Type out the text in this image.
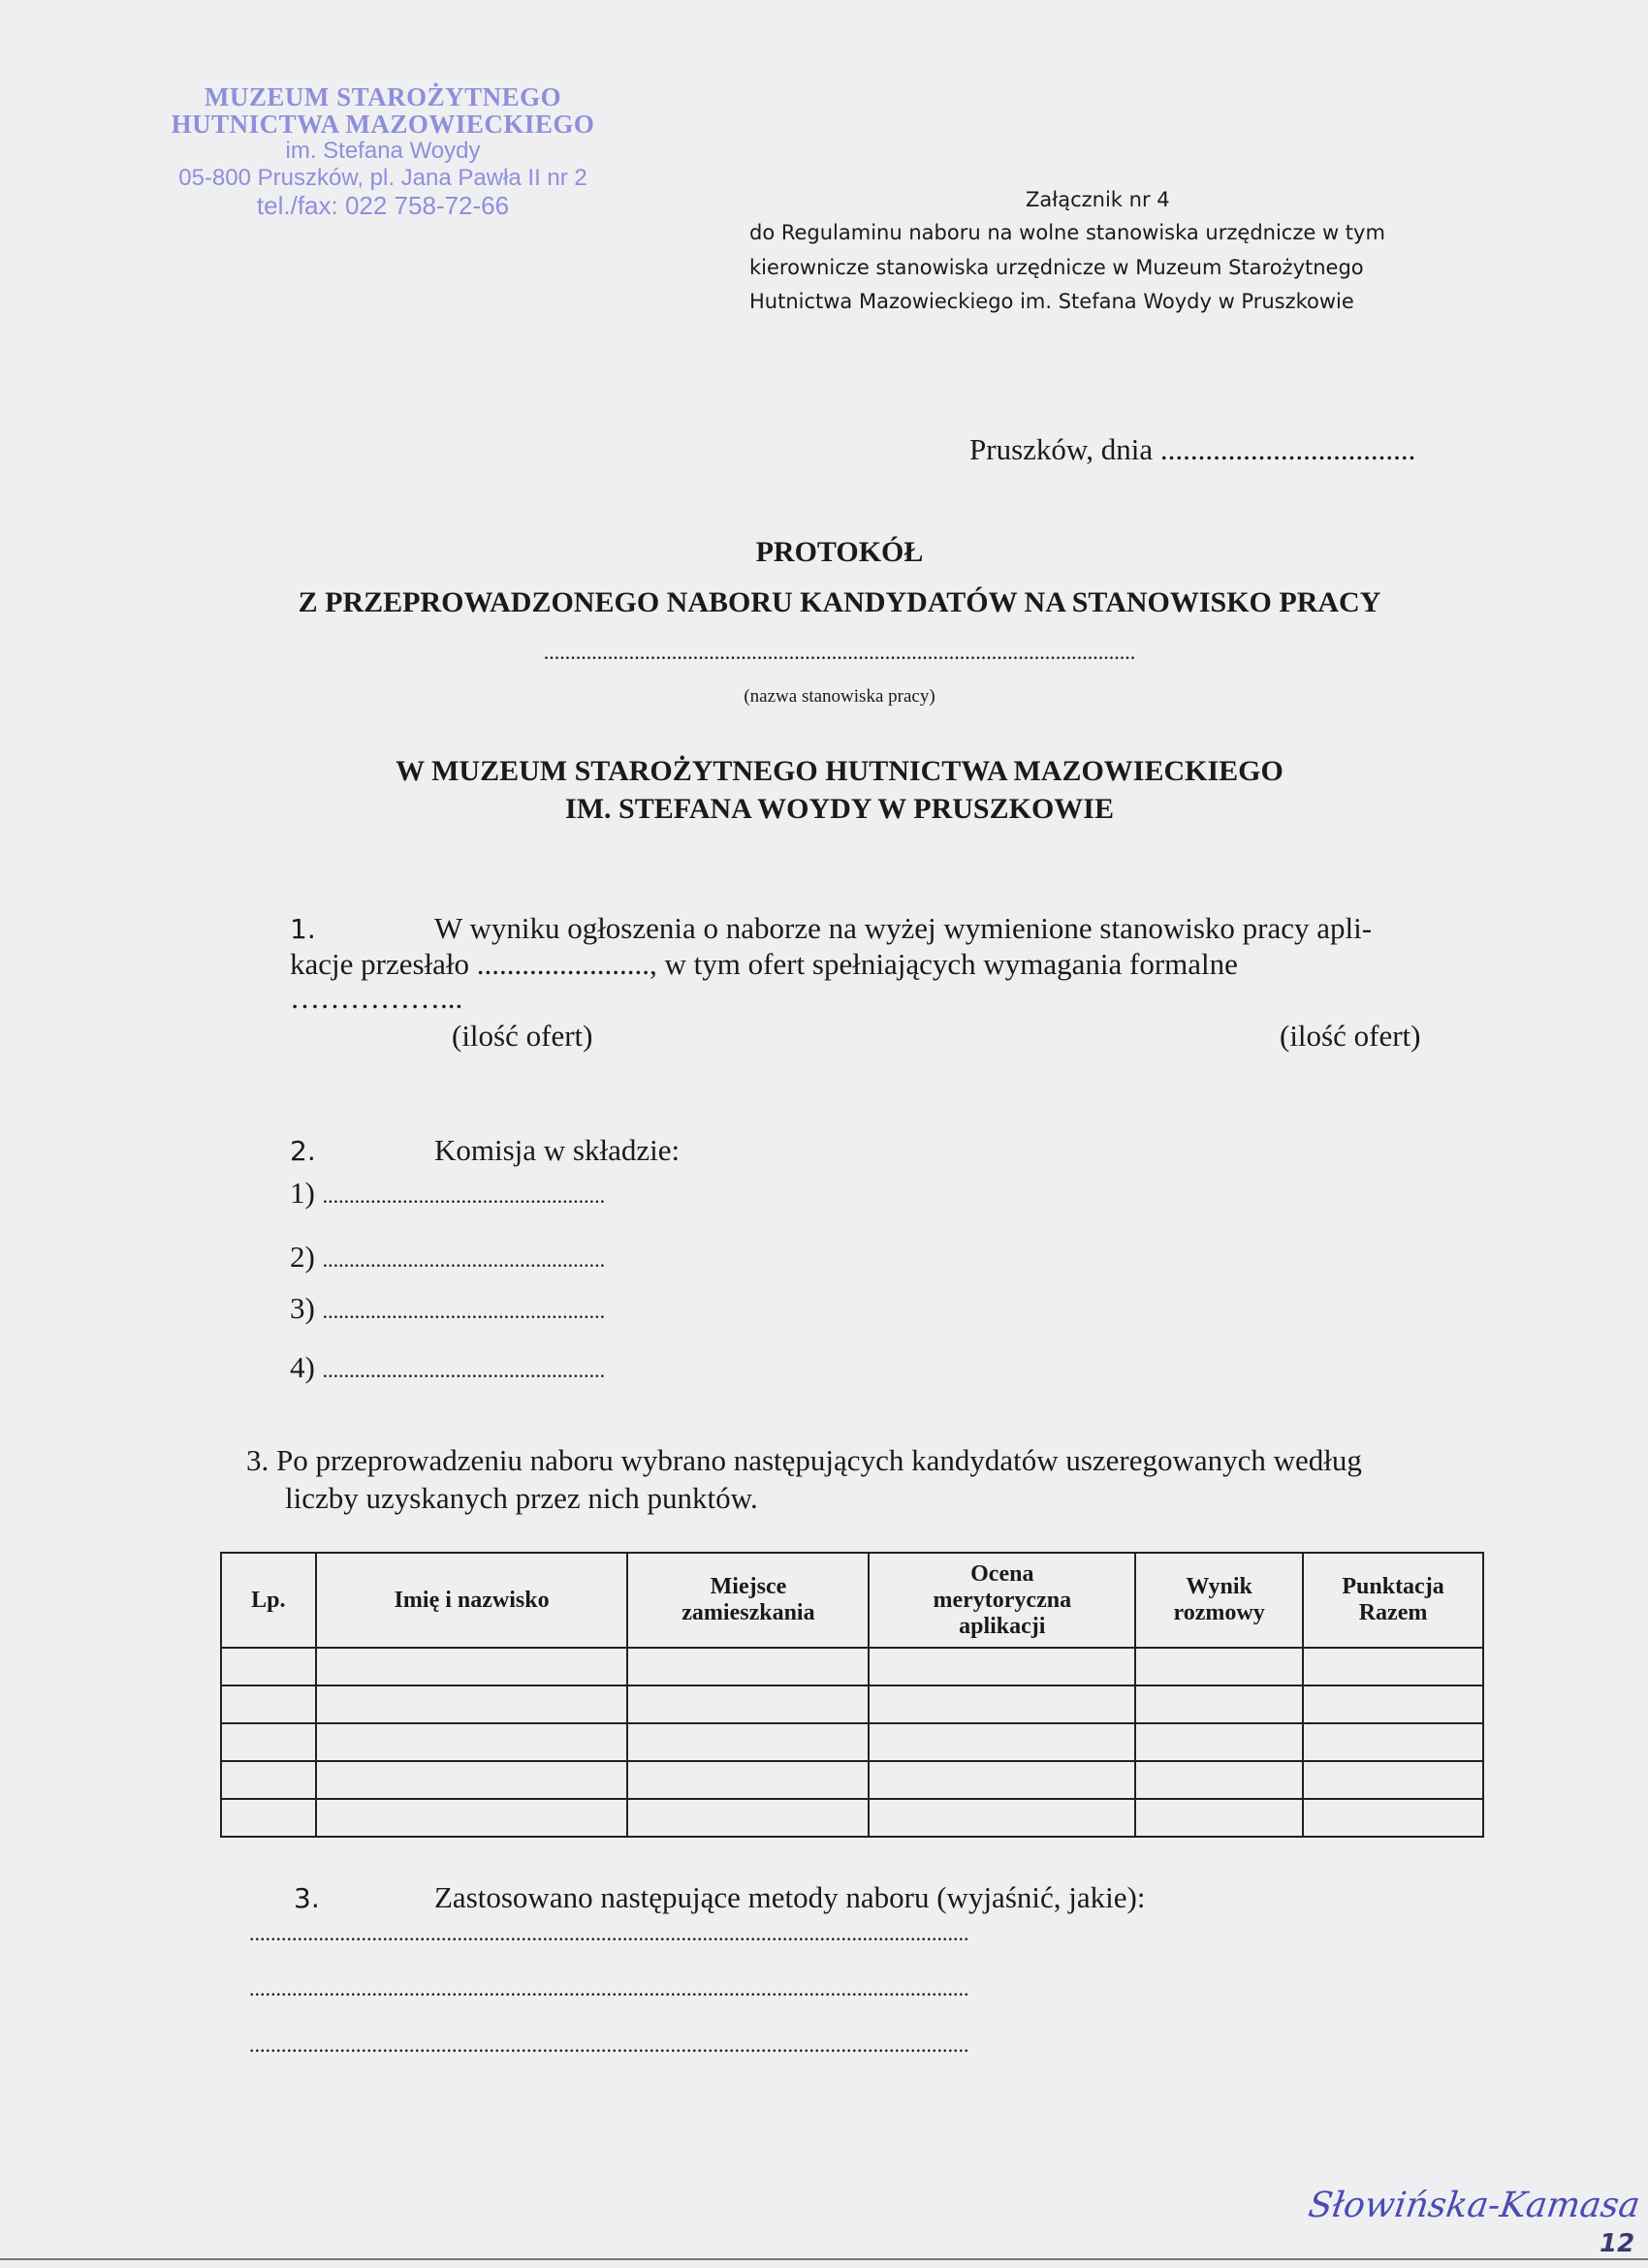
MUZEUM STAROŻYTNEGO
HUTNICTWA MAZOWIECKIEGO
im. Stefana Woydy
05-800 Pruszków, pl. Jana Pawła II nr 2
tel./fax: 022 758-72-66	Załącznik nr 4
do Regulaminu naboru na wolne stanowiska urzędnicze w tym
kierownicze stanowiska urzędnicze w Muzeum Starożytnego
Hutnictwa Mazowieckiego im. Stefana Woydy w Pruszkowie
Pruszków, dnia ..................................
PROTOKÓŁ
Z PRZEPROWADZONEGO NABORU KANDYDATÓW NA STANOWISKO PRACY
...............................................................................................................
(nazwa stanowiska pracy)
W MUZEUM STAROŻYTNEGO HUTNICTWA MAZOWIECKIEGO
IM. STEFANA WOYDY W PRUSZKOWIE
1.	W wyniku ogłoszenia o naborze na wyżej wymienione stanowisko pracy apli-
kacje przesłało ......................., w tym ofert spełniających wymagania formalne
……………...
(ilość ofert)	(ilość ofert)
2.	Komisja w składzie:
1) .....................................................
2) .....................................................
3) .....................................................
4) .....................................................
3. Po przeprowadzeniu naboru wybrano następujących kandydatów uszeregowanych według
liczby uzyskanych przez nich punktów.
Lp.	Imię i nazwisko	Miejsce zamieszkania	Ocena merytoryczna aplikacji	Wynik rozmowy	Punktacja Razem

3.	Zastosowano następujące metody naboru (wyjaśnić, jakie):
.......................................................................................................................................
.......................................................................................................................................
.......................................................................................................................................
Słowińska-Kamasa
12
